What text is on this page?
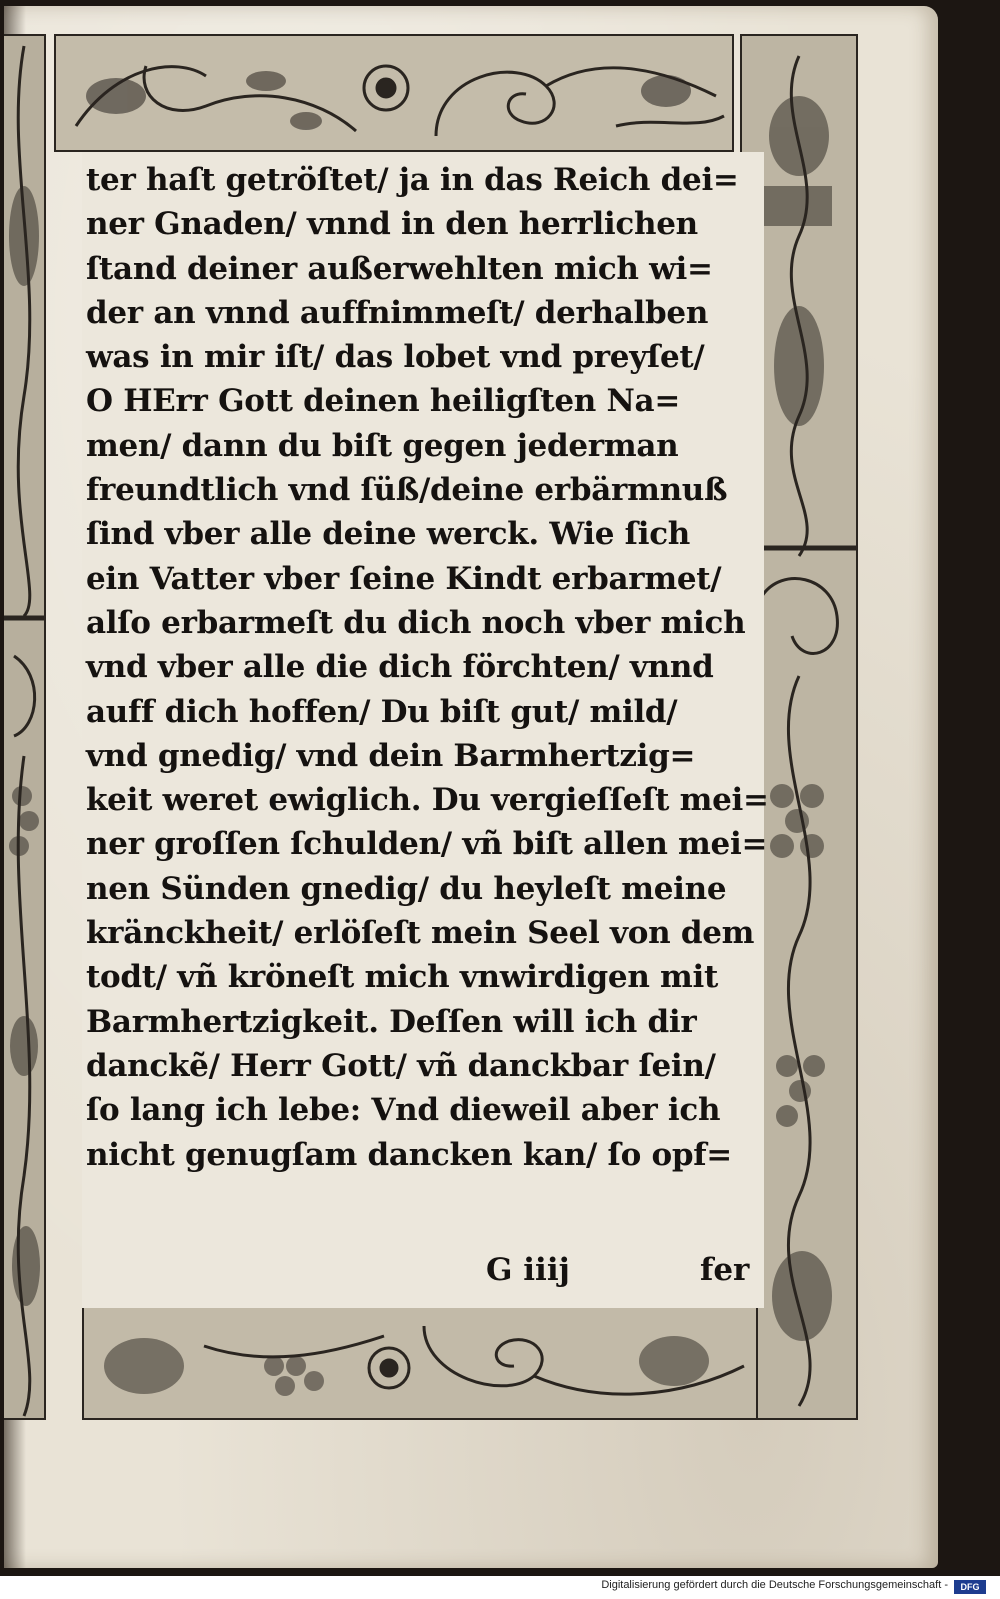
ter haſt getröſtet/ ja in das Reich dei=
ner Gnaden/ vnnd in den herrlichen
ſtand deiner außerwehlten mich wi=
der an vnnd auffnimmeſt/ derhalben
was in mir iſt/ das lobet vnd preyſet/
O HErr Gott deinen heiligſten Na=
men/ dann du biſt gegen jederman
freundtlich vnd ſüß/deine erbärmnuß
ſind vber alle deine werck. Wie ſich
ein Vatter vber ſeine Kindt erbarmet/
alſo erbarmeſt du dich noch vber mich
vnd vber alle die dich förchten/ vnnd
auff dich hoffen/ Du biſt gut/ mild/
vnd gnedig/ vnd dein Barmhertzig=
keit weret ewiglich. Du vergieſſeſt mei=
ner groſſen ſchulden/ vñ biſt allen mei=
nen Sünden gnedig/ du heyleſt meine
kränckheit/ erlöſeſt mein Seel von dem
todt/ vñ kröneſt mich vnwirdigen mit
Barmhertzigkeit. Deſſen will ich dir
danckẽ/ Herr Gott/ vñ danckbar ſein/
ſo lang ich lebe: Vnd dieweil aber ich
nicht genugſam dancken kan/ ſo opf=
G iiij	fer
Digitalisierung gefördert durch die Deutsche Forschungsgemeinschaft -	DFG
